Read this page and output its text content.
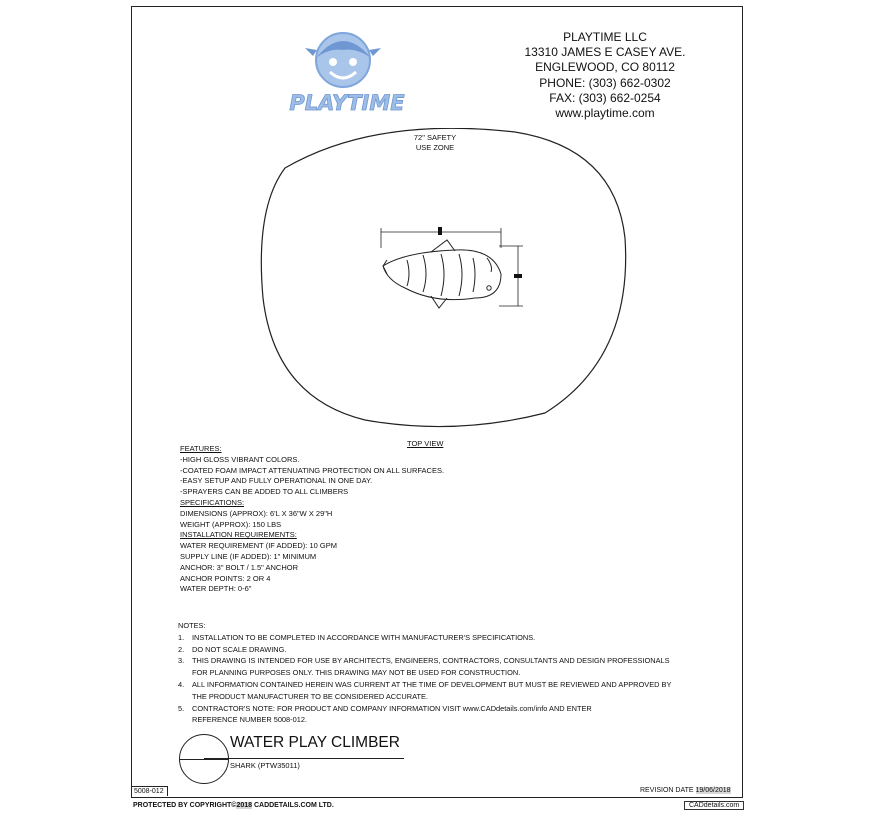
PLAYTIME
PLAYTIME LLC
13310 JAMES E CASEY AVE.
ENGLEWOOD, CO 80112
PHONE: (303) 662-0302
FAX: (303) 662-0254
www.playtime.com
72" SAFETY
USE ZONE
TOP VIEW
FEATURES:
-HIGH GLOSS VIBRANT COLORS.
-COATED FOAM IMPACT ATTENUATING PROTECTION ON ALL SURFACES.
-EASY SETUP AND FULLY OPERATIONAL IN ONE DAY.
-SPRAYERS CAN BE ADDED TO ALL CLIMBERS
SPECIFICATIONS:
DIMENSIONS (APPROX): 6'L X 36"W X 29"H
WEIGHT (APPROX): 150 LBS
INSTALLATION REQUIREMENTS:
WATER REQUIREMENT (IF ADDED): 10 GPM
SUPPLY LINE (IF ADDED): 1" MINIMUM
ANCHOR: 3" BOLT / 1.5" ANCHOR
ANCHOR POINTS: 2 OR 4
WATER DEPTH: 0-6"
NOTES:
1.	INSTALLATION TO BE COMPLETED IN ACCORDANCE WITH MANUFACTURER'S SPECIFICATIONS.
2.	DO NOT SCALE DRAWING.
3.	THIS DRAWING IS INTENDED FOR USE BY ARCHITECTS, ENGINEERS, CONTRACTORS, CONSULTANTS AND DESIGN PROFESSIONALS
FOR PLANNING PURPOSES ONLY. THIS DRAWING MAY NOT BE USED FOR CONSTRUCTION.
4.	ALL INFORMATION CONTAINED HEREIN WAS CURRENT AT THE TIME OF DEVELOPMENT BUT MUST BE REVIEWED AND APPROVED BY
THE PRODUCT MANUFACTURER TO BE CONSIDERED ACCURATE.
5.	CONTRACTOR'S NOTE: FOR PRODUCT AND COMPANY INFORMATION VISIT www.CADdetails.com/info AND ENTER
REFERENCE NUMBER 5008-012.
WATER PLAY CLIMBER
SHARK (PTW35011)
5008-012	REVISION DATE 19/06/2018
PROTECTED BY COPYRIGHT©2018 CADDETAILS.COM LTD.	CADdetails.com
